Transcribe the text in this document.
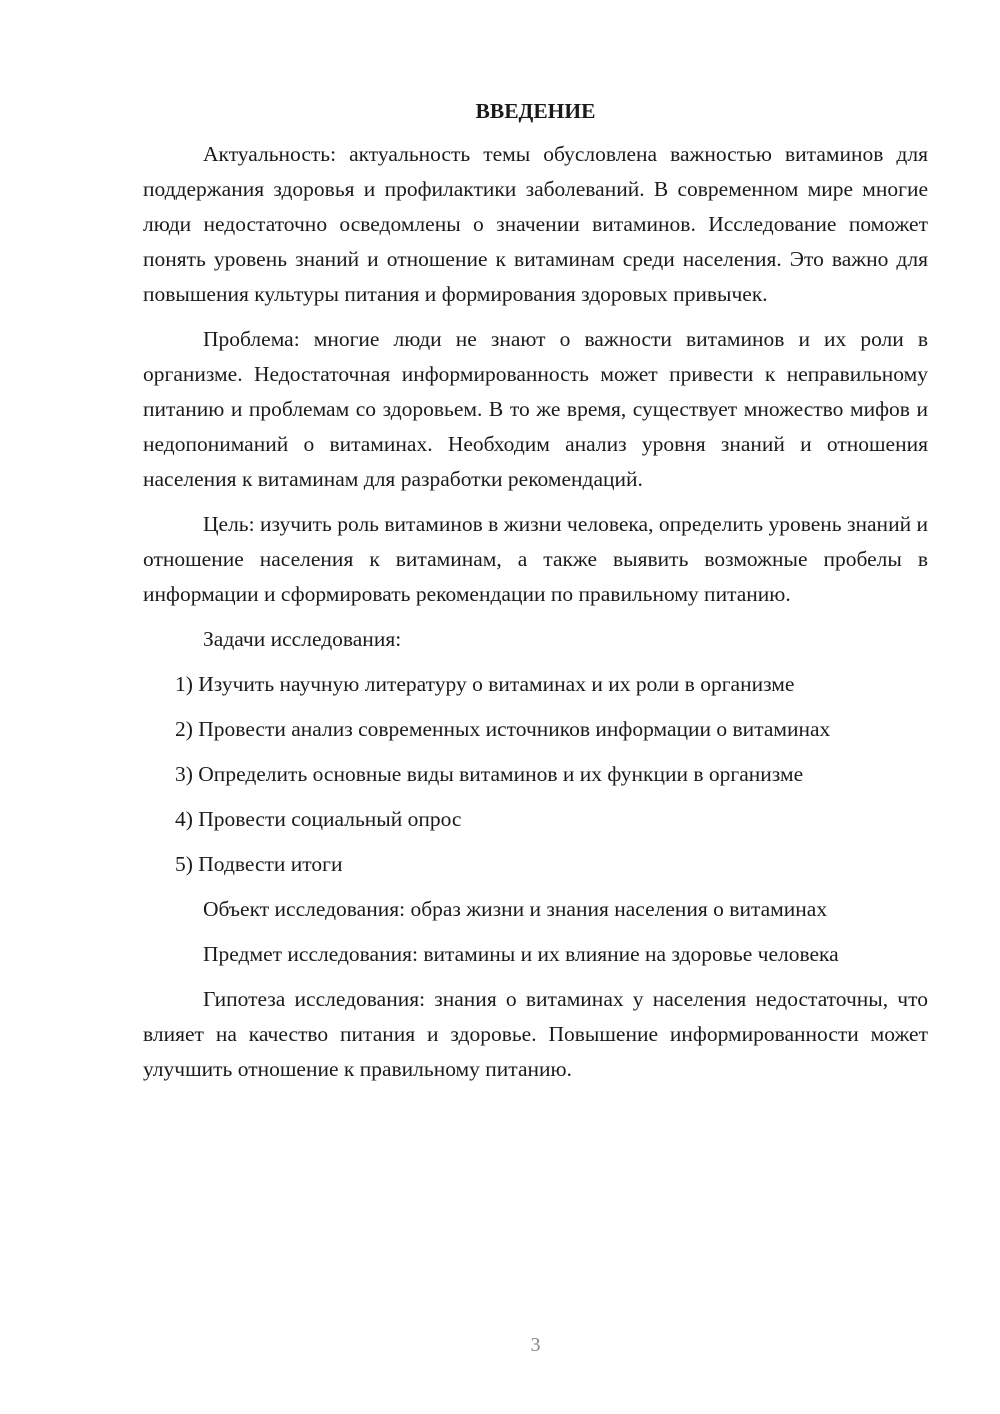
ВВЕДЕНИЕ

Актуальность: актуальность темы обусловлена важностью витаминов для поддержания здоровья и профилактики заболеваний. В современном мире многие люди недостаточно осведомлены о значении витаминов. Исследование поможет понять уровень знаний и отношение к витаминам среди населения. Это важно для повышения культуры питания и формирования здоровых привычек.

Проблема: многие люди не знают о важности витаминов и их роли в организме. Недостаточная информированность может привести к неправильному питанию и проблемам со здоровьем. В то же время, существует множество мифов и недопониманий о витаминах. Необходим анализ уровня знаний и отношения населения к витаминам для разработки рекомендаций.

Цель: изучить роль витаминов в жизни человека, определить уровень знаний и отношение населения к витаминам, а также выявить возможные пробелы в информации и сформировать рекомендации по правильному питанию.

Задачи исследования:

1) Изучить научную литературу о витаминах и их роли в организме

2) Провести анализ современных источников информации о витаминах

3) Определить основные виды витаминов и их функции в организме

4) Провести социальный опрос

5) Подвести итоги

Объект исследования: образ жизни и знания населения о витаминах

Предмет исследования: витамины и их влияние на здоровье человека

Гипотеза исследования: знания о витаминах у населения недостаточны, что влияет на качество питания и здоровье. Повышение информированности может улучшить отношение к правильному питанию.

3
